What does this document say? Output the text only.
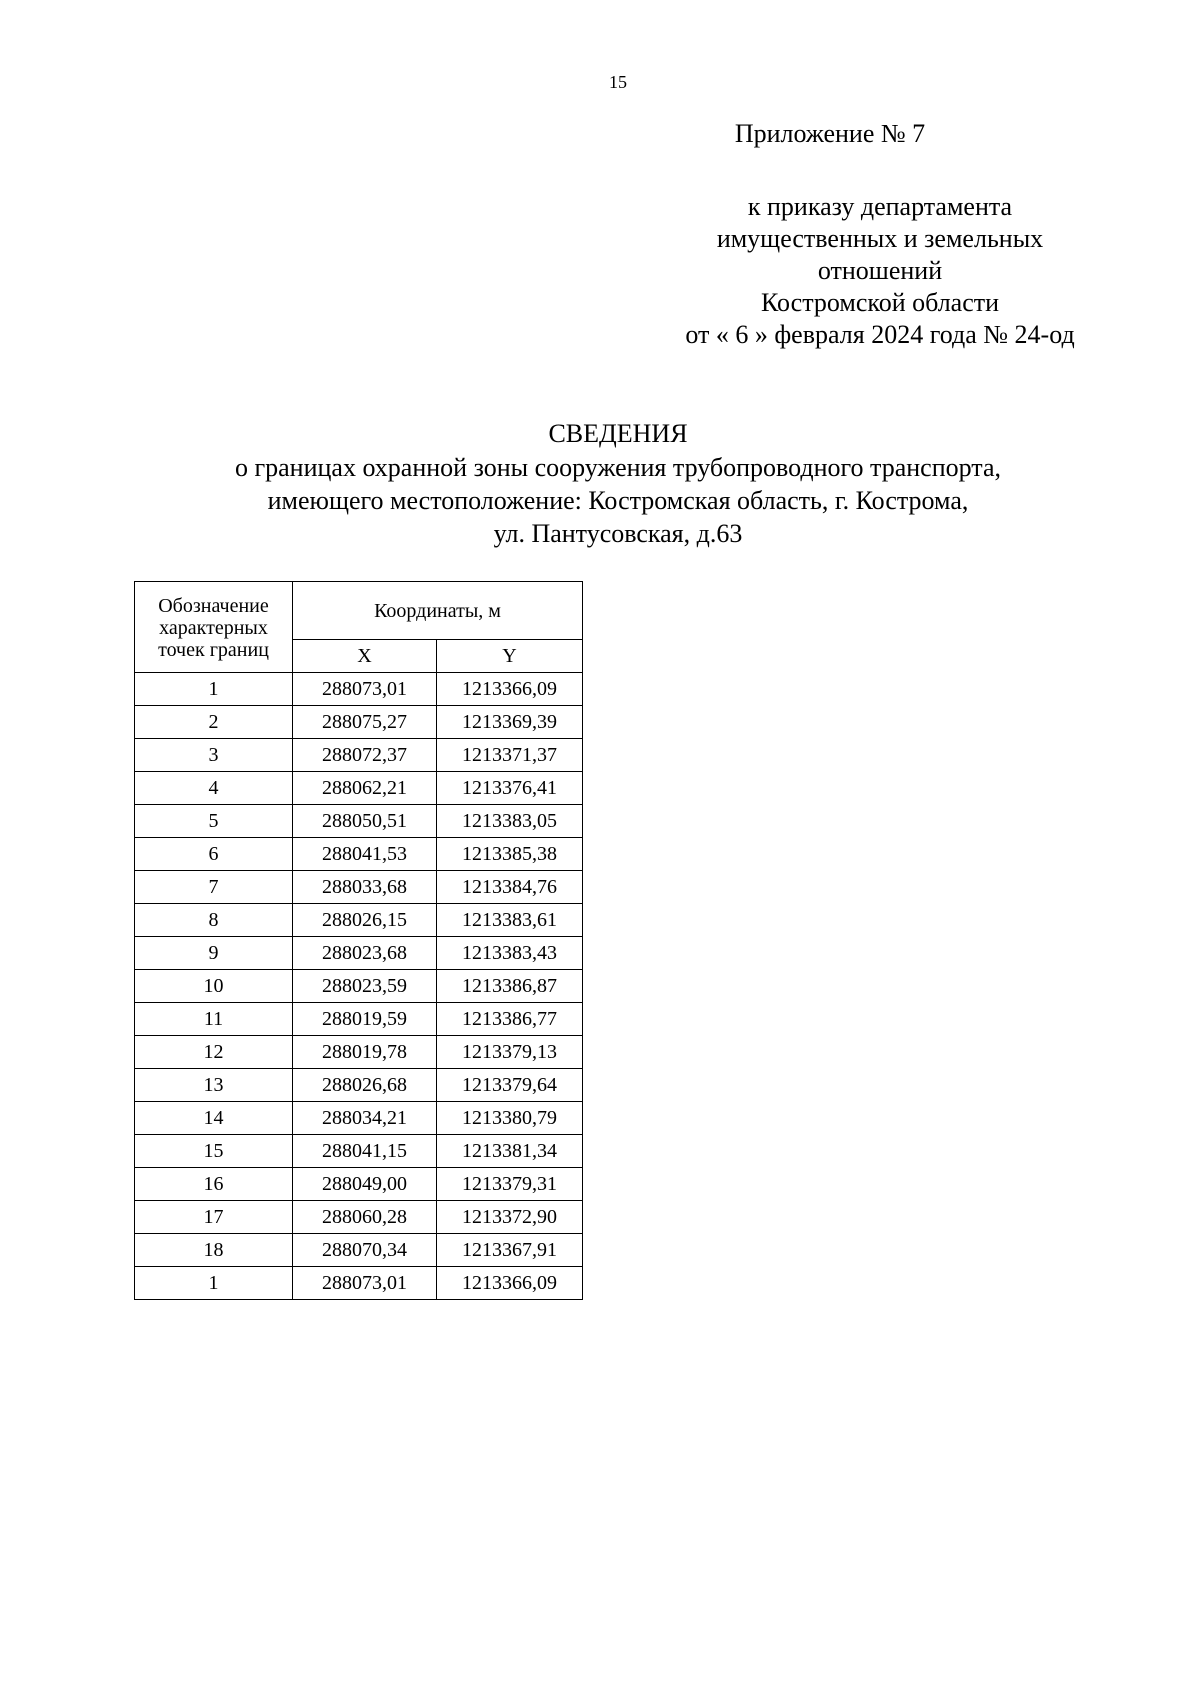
15
Приложение № 7
к приказу департамента
имущественных и земельных
отношений
Костромской области
от « 6 » февраля 2024 года № 24-од
СВЕДЕНИЯ
о границах охранной зоны сооружения трубопроводного транспорта,
имеющего местоположение: Костромская область, г. Кострома,
ул. Пантусовская, д.63
Обозначение
характерных
точек границ	Координаты, м	
	X	Y
1	288073,01	1213366,09
2	288075,27	1213369,39
3	288072,37	1213371,37
4	288062,21	1213376,41
5	288050,51	1213383,05
6	288041,53	1213385,38
7	288033,68	1213384,76
8	288026,15	1213383,61
9	288023,68	1213383,43
10	288023,59	1213386,87
11	288019,59	1213386,77
12	288019,78	1213379,13
13	288026,68	1213379,64
14	288034,21	1213380,79
15	288041,15	1213381,34
16	288049,00	1213379,31
17	288060,28	1213372,90
18	288070,34	1213367,91
1	288073,01	1213366,09
